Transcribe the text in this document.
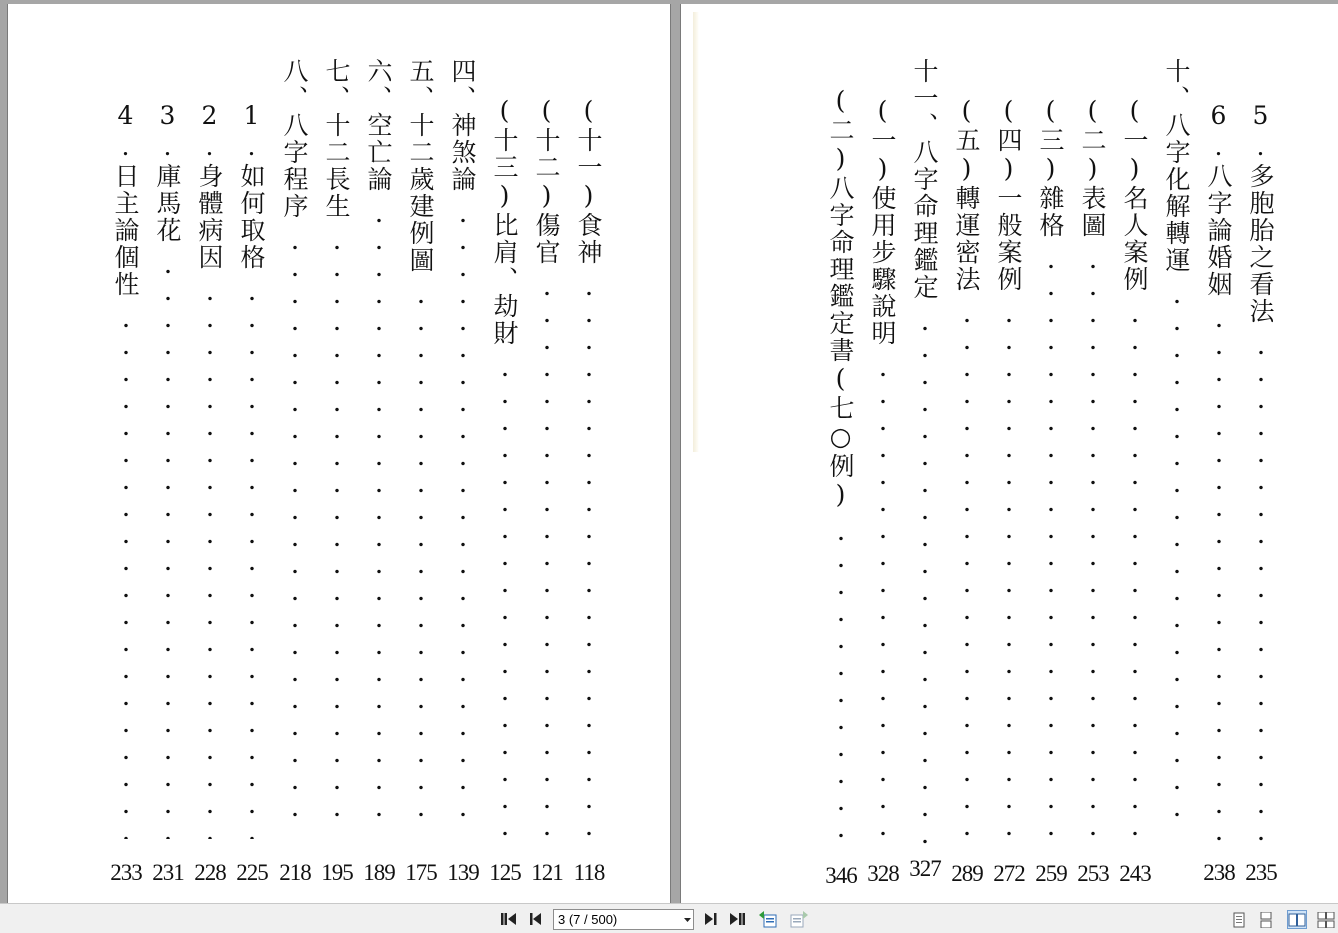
(十一)食神
118
(十二)傷官
121
(十三)比肩、劫財
125
四、神煞論
139
五、十二歲建例圖
175
六、空亡論
189
七、十二長生
195
八、八字程序
218
1.如何取格
225
2.身體病因
228
3.庫馬花
231
4.日主論個性
233
5.多胞胎之看法
235
6.八字論婚姻
238
十、八字化解轉運
(一)名人案例
243
(二)表圖
253
(三)雜格
259
(四)一般案例
272
(五)轉運密法
289
十一、八字命理鑑定
327
(一)使用步驟說明
328
(二)八字命理鑑定書(七○例)
346
3 (7 / 500)
